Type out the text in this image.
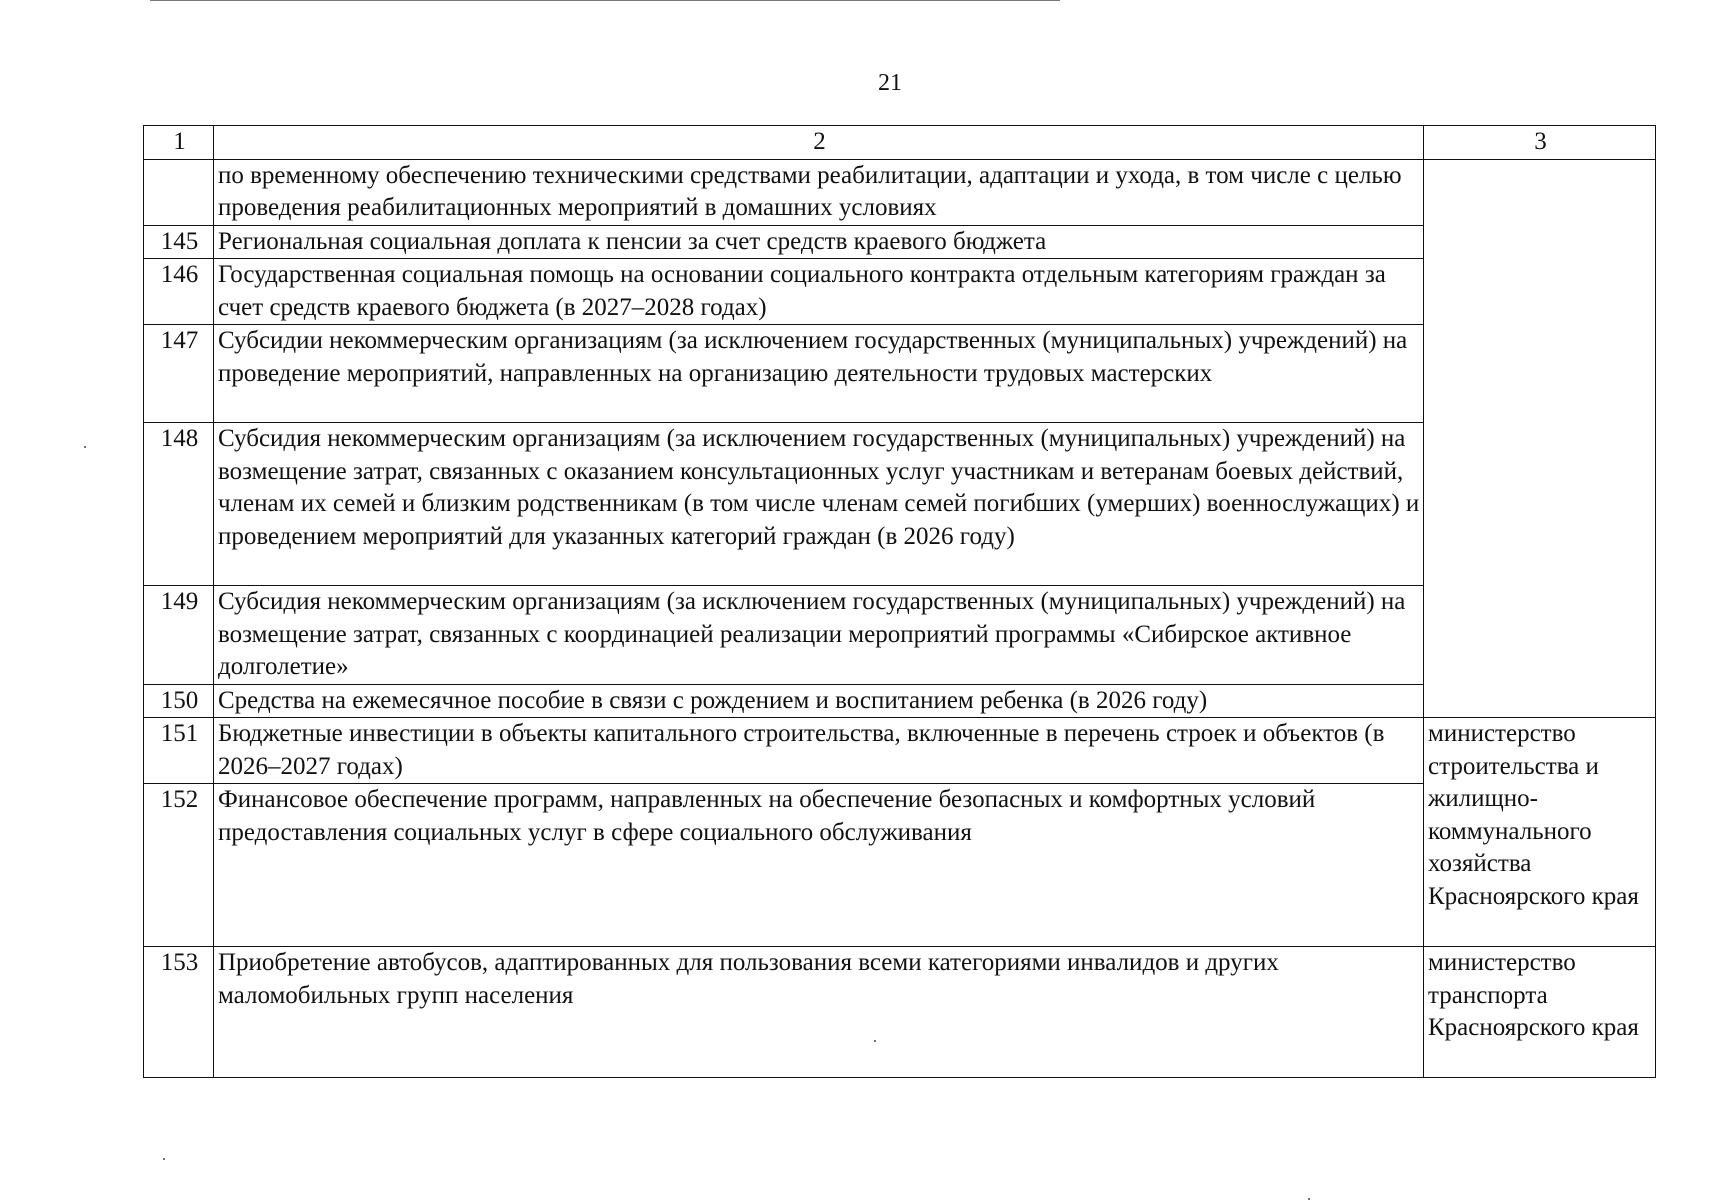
21
1	2	3
	по временному обеспечению техническими средствами реабилитации, адаптации и ухода, в том числе с целью проведения реабилитационных мероприятий в домашних условиях	
145	Региональная социальная доплата к пенсии за счет средств краевого бюджета	
146	Государственная социальная помощь на основании социального контракта отдельным категориям граждан за счет средств краевого бюджета (в 2027–2028 годах)	
147	Субсидии некоммерческим организациям (за исключением государственных (муниципальных) учреждений) на проведение мероприятий, направленных на организацию деятельности трудовых мастерских	
148	Субсидия некоммерческим организациям (за исключением государственных (муниципальных) учреждений) на возмещение затрат, связанных с оказанием консультационных услуг участникам и ветеранам боевых действий, членам их семей и близким родственникам (в том числе членам семей погибших (умерших) военнослужащих) и проведением мероприятий для указанных категорий граждан (в 2026 году)	
149	Субсидия некоммерческим организациям (за исключением государственных (муниципальных) учреждений) на возмещение затрат, связанных с координацией реализации мероприятий программы «Сибирское активное долголетие»	
150	Средства на ежемесячное пособие в связи с рождением и воспитанием ребенка (в 2026 году)	
151	Бюджетные инвестиции в объекты капитального строительства, включенные в перечень строек и объектов (в 2026–2027 годах)	министерство строительства и жилищно-коммунального хозяйства Красноярского края
152	Финансовое обеспечение программ, направленных на обеспечение безопасных и комфортных условий предоставления социальных услуг в сфере социального обслуживания	
153	Приобретение автобусов, адаптированных для пользования всеми категориями инвалидов и других маломобильных групп населения	министерство транспорта Красноярского края
